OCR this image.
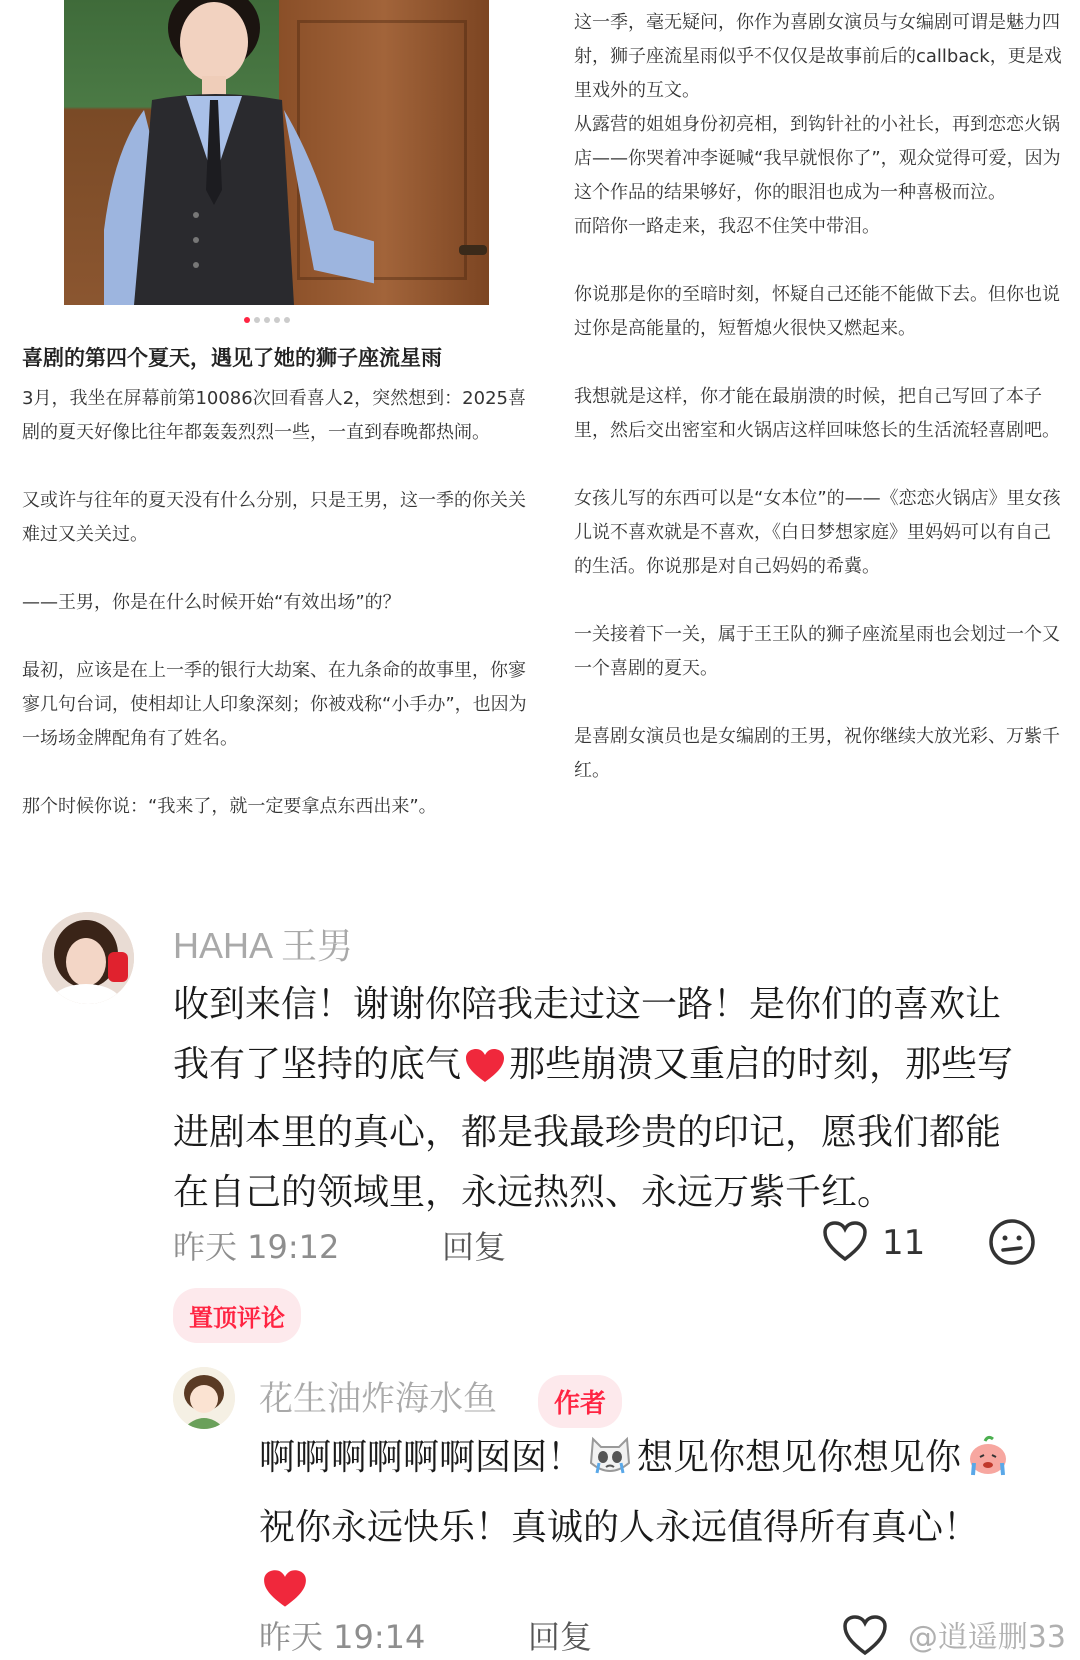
喜剧的第四个夏天，遇见了她的狮子座流星雨

3月，我坐在屏幕前第10086次回看喜人2，突然想到：2025喜剧的夏天好像比往年都轰轰烈烈一些，一直到春晚都热闹。

又或许与往年的夏天没有什么分别，只是王男，这一季的你关关难过又关关过。

——王男，你是在什么时候开始“有效出场”的？

最初，应该是在上一季的银行大劫案、在九条命的故事里，你寥寥几句台词，使相却让人印象深刻；你被戏称“小手办”，也因为一场场金牌配角有了姓名。

那个时候你说：“我来了，就一定要拿点东西出来”。

这一季，毫无疑问，你作为喜剧女演员与女编剧可谓是魅力四射，狮子座流星雨似乎不仅仅是故事前后的callback，更是戏里戏外的互文。

从露营的姐姐身份初亮相，到钩针社的小社长，再到恋恋火锅店——你哭着冲李诞喊“我早就恨你了”，观众觉得可爱，因为这个作品的结果够好，你的眼泪也成为一种喜极而泣。

而陪你一路走来，我忍不住笑中带泪。

你说那是你的至暗时刻，怀疑自己还能不能做下去。但你也说过你是高能量的，短暂熄火很快又燃起来。

我想就是这样，你才能在最崩溃的时候，把自己写回了本子里，然后交出密室和火锅店这样回味悠长的生活流轻喜剧吧。

女孩儿写的东西可以是“女本位”的——《恋恋火锅店》里女孩儿说不喜欢就是不喜欢，《白日梦想家庭》里妈妈可以有自己的生活。你说那是对自己妈妈的希冀。

一关接着下一关，属于王王队的狮子座流星雨也会划过一个又一个喜剧的夏天。

是喜剧女演员也是女编剧的王男，祝你继续大放光彩、万紫千红。

HAHA 王男
收到来信！谢谢你陪我走过这一路！是你们的喜欢让我有了坚持的底气 那些崩溃又重启的时刻，那些写进剧本里的真心，都是我最珍贵的印记，愿我们都能在自己的领域里，永远热烈、永远万紫千红。
昨天 19:12	回复	11
置顶评论
花生油炸海水鱼	作者
啊啊啊啊啊啊囡囡！ 想见你想见你想见你
祝你永远快乐！真诚的人永远值得所有真心！

昨天 19:14	回复	@逍遥删33
